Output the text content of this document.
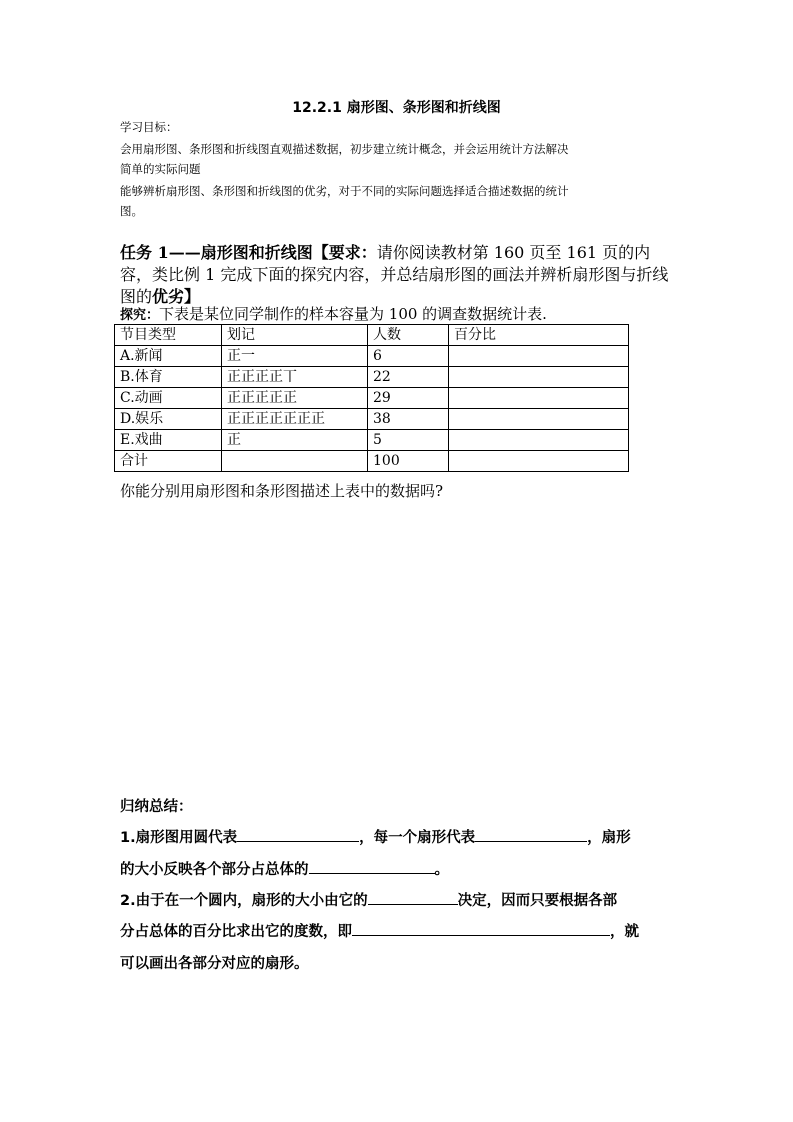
12.2.1 扇形图、条形图和折线图
学习目标：
会用扇形图、条形图和折线图直观描述数据，初步建立统计概念，并会运用统计方法解决
简单的实际问题
能够辨析扇形图、条形图和折线图的优劣，对于不同的实际问题选择适合描述数据的统计
图。
任务 1——扇形图和折线图【要求：请你阅读教材第 160 页至 161 页的内容，类比例 1 完成下面的探究内容，并总结扇形图的画法并辨析扇形图与折线图的优劣】
探究：下表是某位同学制作的样本容量为 100 的调查数据统计表.
节目类型	划记	人数	百分比
A.新闻	正一	6	
B.体育	正正正正丅	22	
C.动画	正正正正正	29	
D.娱乐	正正正正正正正	38	
E.戏曲	正	5	
合计		100	
你能分别用扇形图和条形图描述上表中的数据吗?
归纳总结：
1.扇形图用圆代表	，每一个扇形代表	，扇形
的大小反映各个部分占总体的	。
2.由于在一个圆内，扇形的大小由它的	决定，因而只要根据各部
分占总体的百分比求出它的度数，即	，就
可以画出各部分对应的扇形。
